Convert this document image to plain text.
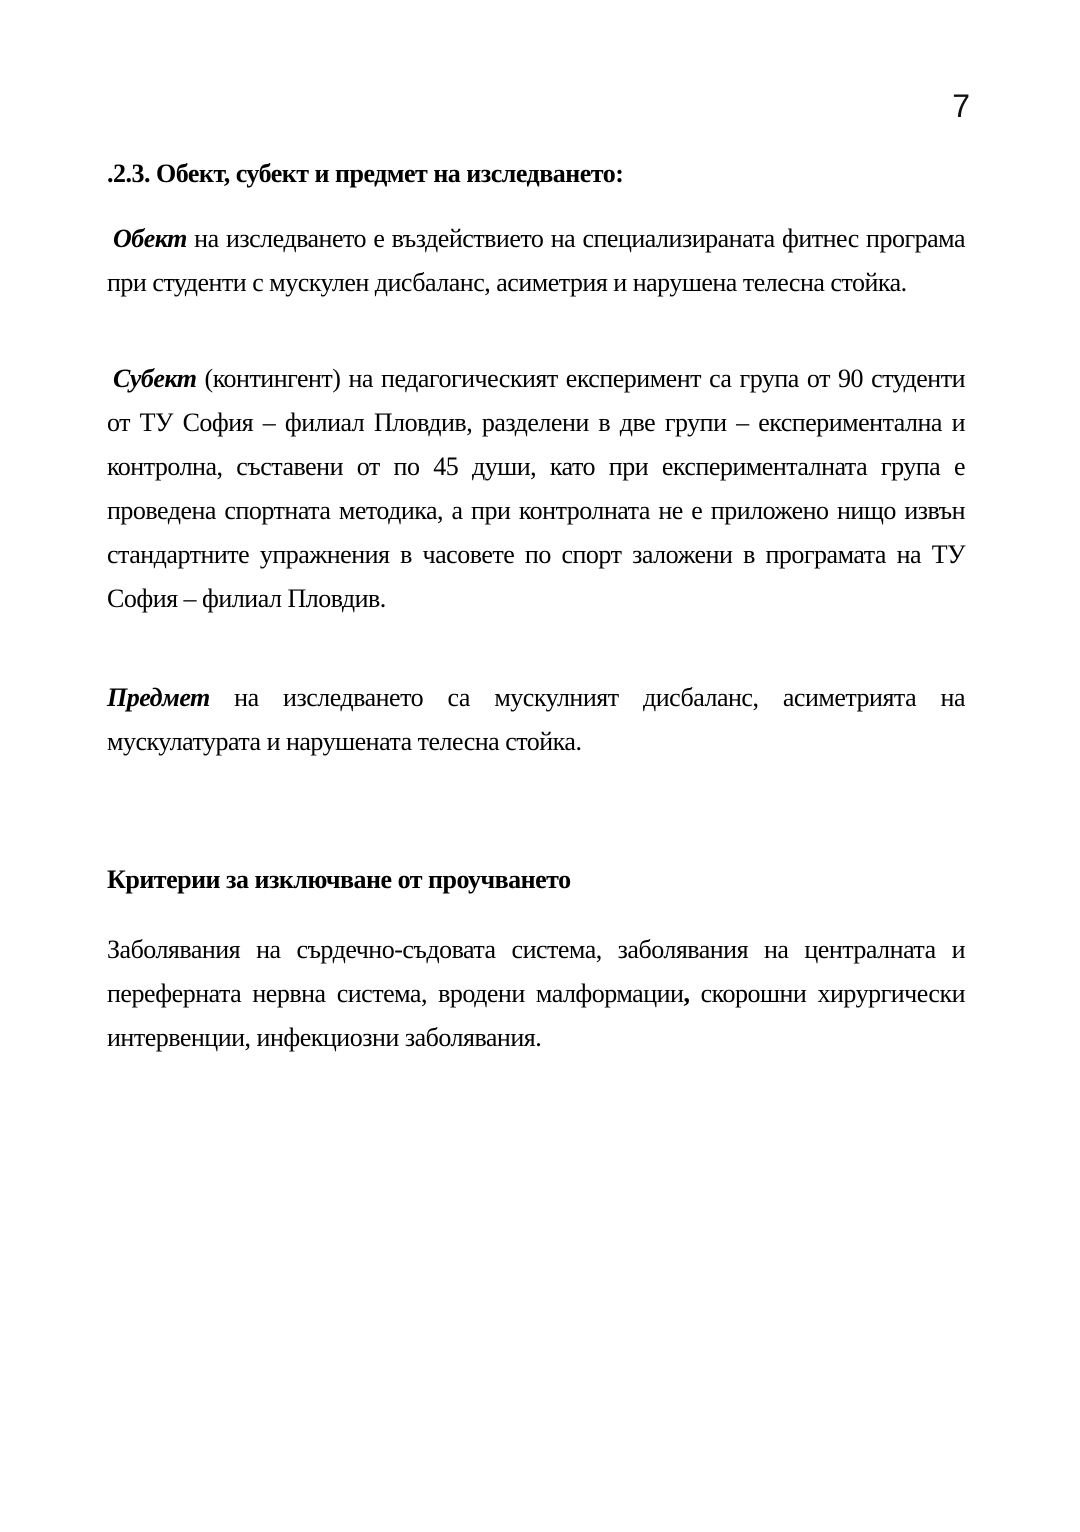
7
.2.3. Обект, субект и предмет на изследването:

Обект на изследването е въздействието на специализираната фитнес програма при студенти с мускулен дисбаланс, асиметрия и нарушена телесна стойка.

Субект (контингент) на педагогическият експеримент са група от 90 студенти от ТУ София – филиал Пловдив, разделени в две групи – експериментална и контролна, съставени от по 45 души, като при експерименталната група е проведена спортната методика, а при контролната не е приложено нищо извън стандартните упражнения в часовете по спорт заложени в програмата на ТУ София – филиал Пловдив.

Предмет на изследването са мускулният дисбаланс, асиметрията на мускулатурата и нарушената телесна стойка.

Критерии за изключване от проучването

Заболявания на сърдечно-съдовата система, заболявания на централната и переферната нервна система, вродени малформации, скорошни хирургически интервенции, инфекциозни заболявания.
